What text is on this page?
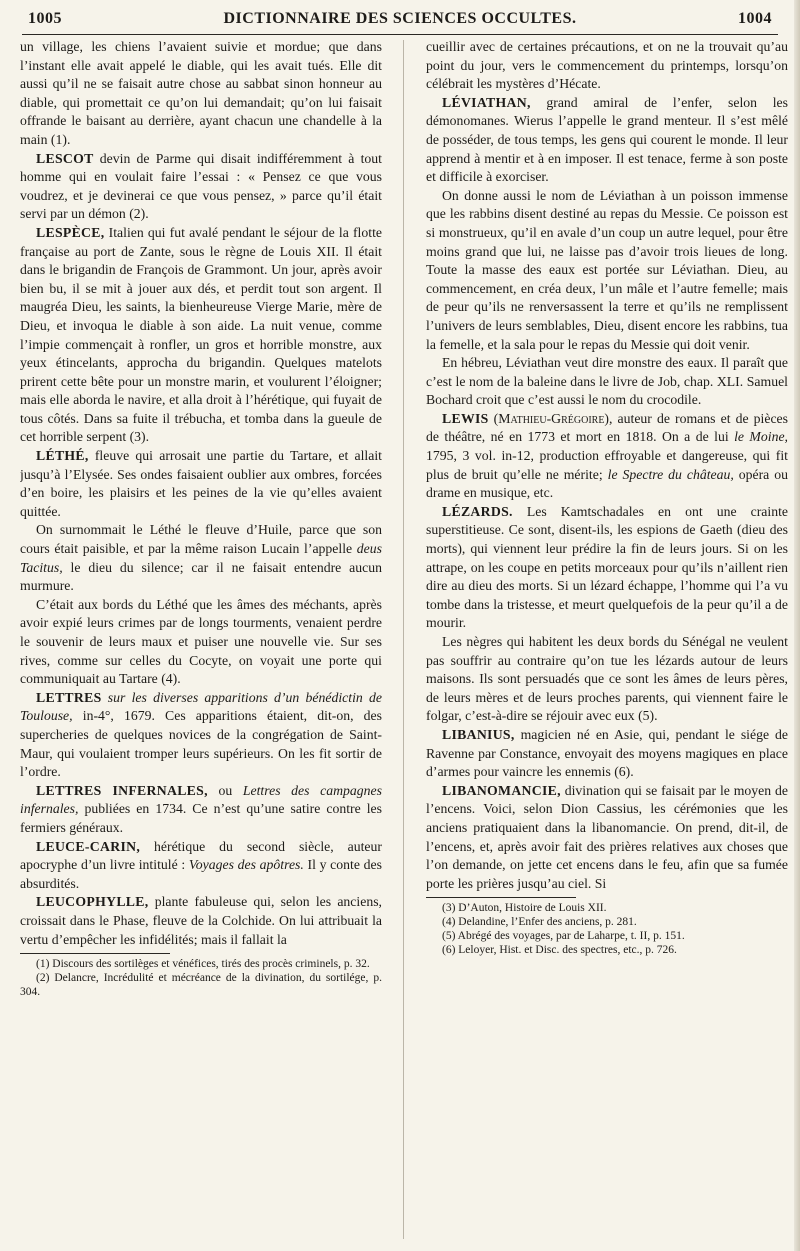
1005	DICTIONNAIRE DES SCIENCES OCCULTES.	1004

un village, les chiens l’avaient suivie et mordue; que dans l’instant elle avait appelé le diable, qui les avait tués. Elle dit aussi qu’il ne se faisait autre chose au sabbat sinon honneur au diable, qui promettait ce qu’on lui demandait; qu’on lui faisait offrande le baisant au derrière, ayant chacun une chandelle à la main (1).

LESCOT devin de Parme qui disait indifféremment à tout homme qui en voulait faire l’essai : « Pensez ce que vous voudrez, et je devinerai ce que vous pensez, » parce qu’il était servi par un démon (2).

LESPÈCE, Italien qui fut avalé pendant le séjour de la flotte française au port de Zante, sous le règne de Louis XII. Il était dans le brigandin de François de Grammont. Un jour, après avoir bien bu, il se mit à jouer aux dés, et perdit tout son argent. Il maugréa Dieu, les saints, la bienheureuse Vierge Marie, mère de Dieu, et invoqua le diable à son aide. La nuit venue, comme l’impie commençait à ronfler, un gros et horrible monstre, aux yeux étincelants, approcha du brigandin. Quelques matelots prirent cette bête pour un monstre marin, et voulurent l’éloigner; mais elle aborda le navire, et alla droit à l’hérétique, qui fuyait de tous côtés. Dans sa fuite il trébucha, et tomba dans la gueule de cet horrible serpent (3).

LÉTHÉ, fleuve qui arrosait une partie du Tartare, et allait jusqu’à l’Elysée. Ses ondes faisaient oublier aux ombres, forcées d’en boire, les plaisirs et les peines de la vie qu’elles avaient quittée.

On surnommait le Léthé le fleuve d’Huile, parce que son cours était paisible, et par la même raison Lucain l’appelle deus Tacitus, le dieu du silence; car il ne faisait entendre aucun murmure.

C’était aux bords du Léthé que les âmes des méchants, après avoir expié leurs crimes par de longs tourments, venaient perdre le souvenir de leurs maux et puiser une nouvelle vie. Sur ses rives, comme sur celles du Cocyte, on voyait une porte qui communiquait au Tartare (4).

LETTRES sur les diverses apparitions d’un bénédictin de Toulouse, in-4°, 1679. Ces apparitions étaient, dit-on, des supercheries de quelques novices de la congrégation de Saint-Maur, qui voulaient tromper leurs supérieurs. On les fit sortir de l’ordre.

LETTRES INFERNALES, ou Lettres des campagnes infernales, publiées en 1734. Ce n’est qu’une satire contre les fermiers généraux.

LEUCE-CARIN, hérétique du second siècle, auteur apocryphe d’un livre intitulé : Voyages des apôtres. Il y conte des absurdités.

LEUCOPHYLLE, plante fabuleuse qui, selon les anciens, croissait dans le Phase, fleuve de la Colchide. On lui attribuait la vertu d’empêcher les infidélités; mais il fallait la

(1) Discours des sortilèges et vénéfices, tirés des procès criminels, p. 32.

(2) Delancre, Incrédulité et mécréance de la divination, du sortilége, p. 304.

cueillir avec de certaines précautions, et on ne la trouvait qu’au point du jour, vers le commencement du printemps, lorsqu’on célébrait les mystères d’Hécate.

LÉVIATHAN, grand amiral de l’enfer, selon les démonomanes. Wierus l’appelle le grand menteur. Il s’est mêlé de posséder, de tous temps, les gens qui courent le monde. Il leur apprend à mentir et à en imposer. Il est tenace, ferme à son poste et difficile à exorciser.

On donne aussi le nom de Léviathan à un poisson immense que les rabbins disent destiné au repas du Messie. Ce poisson est si monstrueux, qu’il en avale d’un coup un autre lequel, pour être moins grand que lui, ne laisse pas d’avoir trois lieues de long. Toute la masse des eaux est portée sur Léviathan. Dieu, au commencement, en créa deux, l’un mâle et l’autre femelle; mais de peur qu’ils ne renversassent la terre et qu’ils ne remplissent l’univers de leurs semblables, Dieu, disent encore les rabbins, tua la femelle, et la sala pour le repas du Messie qui doit venir.

En hébreu, Léviathan veut dire monstre des eaux. Il paraît que c’est le nom de la baleine dans le livre de Job, chap. XLI. Samuel Bochard croit que c’est aussi le nom du crocodile.

LEWIS (Mathieu-Grégoire), auteur de romans et de pièces de théâtre, né en 1773 et mort en 1818. On a de lui le Moine, 1795, 3 vol. in-12, production effroyable et dangereuse, qui fit plus de bruit qu’elle ne mérite; le Spectre du château, opéra ou drame en musique, etc.

LÉZARDS. Les Kamtschadales en ont une crainte superstitieuse. Ce sont, disent-ils, les espions de Gaeth (dieu des morts), qui viennent leur prédire la fin de leurs jours. Si on les attrape, on les coupe en petits morceaux pour qu’ils n’aillent rien dire au dieu des morts. Si un lézard échappe, l’homme qui l’a vu tombe dans la tristesse, et meurt quelquefois de la peur qu’il a de mourir.

Les nègres qui habitent les deux bords du Sénégal ne veulent pas souffrir au contraire qu’on tue les lézards autour de leurs maisons. Ils sont persuadés que ce sont les âmes de leurs pères, de leurs mères et de leurs proches parents, qui viennent faire le folgar, c’est-à-dire se réjouir avec eux (5).

LIBANIUS, magicien né en Asie, qui, pendant le siége de Ravenne par Constance, envoyait des moyens magiques en place d’armes pour vaincre les ennemis (6).

LIBANOMANCIE, divination qui se faisait par le moyen de l’encens. Voici, selon Dion Cassius, les cérémonies que les anciens pratiquaient dans la libanomancie. On prend, dit-il, de l’encens, et, après avoir fait des prières relatives aux choses que l’on demande, on jette cet encens dans le feu, afin que sa fumée porte les prières jusqu’au ciel. Si

(3) D’Auton, Histoire de Louis XII.

(4) Delandine, l’Enfer des anciens, p. 281.

(5) Abrégé des voyages, par de Laharpe, t. II, p. 151.

(6) Leloyer, Hist. et Disc. des spectres, etc., p. 726.
